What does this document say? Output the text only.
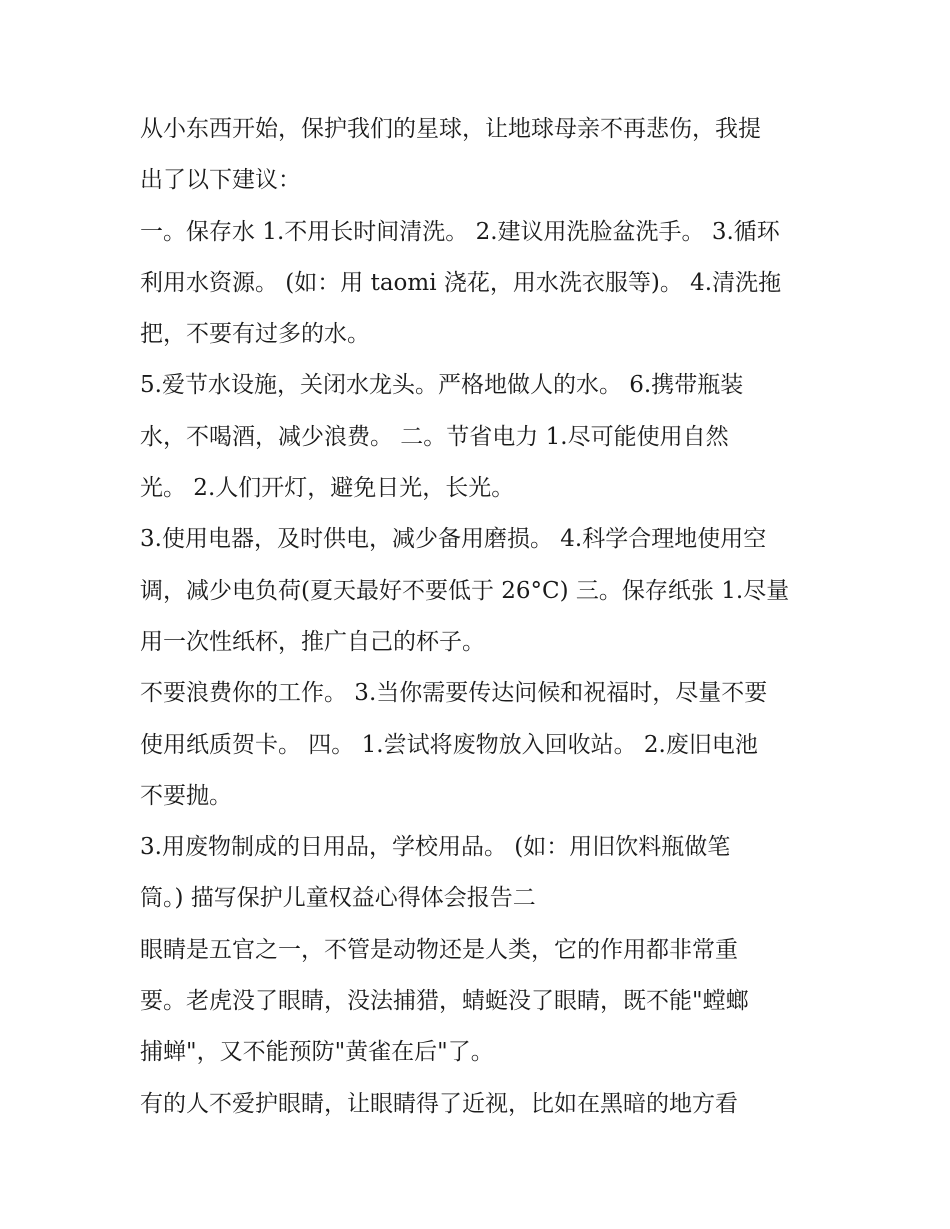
从小东西开始，保护我们的星球，让地球母亲不再悲伤，我提
出了以下建议：
一。保存水 1.不用长时间清洗。 2.建议用洗脸盆洗手。 3.循环
利用水资源。 (如：用 taomi 浇花，用水洗衣服等)。 4.清洗拖
把，不要有过多的水。
5.爱节水设施，关闭水龙头。严格地做人的水。 6.携带瓶装
水，不喝酒，减少浪费。 二。节省电力 1.尽可能使用自然
光。 2.人们开灯，避免日光，长光。
3.使用电器，及时供电，减少备用磨损。 4.科学合理地使用空
调，减少电负荷(夏天最好不要低于 26°C) 三。保存纸张 1.尽量
用一次性纸杯，推广自己的杯子。
不要浪费你的工作。 3.当你需要传达问候和祝福时，尽量不要
使用纸质贺卡。 四。 1.尝试将废物放入回收站。 2.废旧电池
不要抛。
3.用废物制成的日用品，学校用品。 (如：用旧饮料瓶做笔
筒。) 描写保护儿童权益心得体会报告二
眼睛是五官之一，不管是动物还是人类，它的作用都非常重
要。老虎没了眼睛，没法捕猎，蜻蜓没了眼睛，既不能"螳螂
捕蝉"，又不能预防"黄雀在后"了。
有的人不爱护眼睛，让眼睛得了近视，比如在黑暗的地方看
